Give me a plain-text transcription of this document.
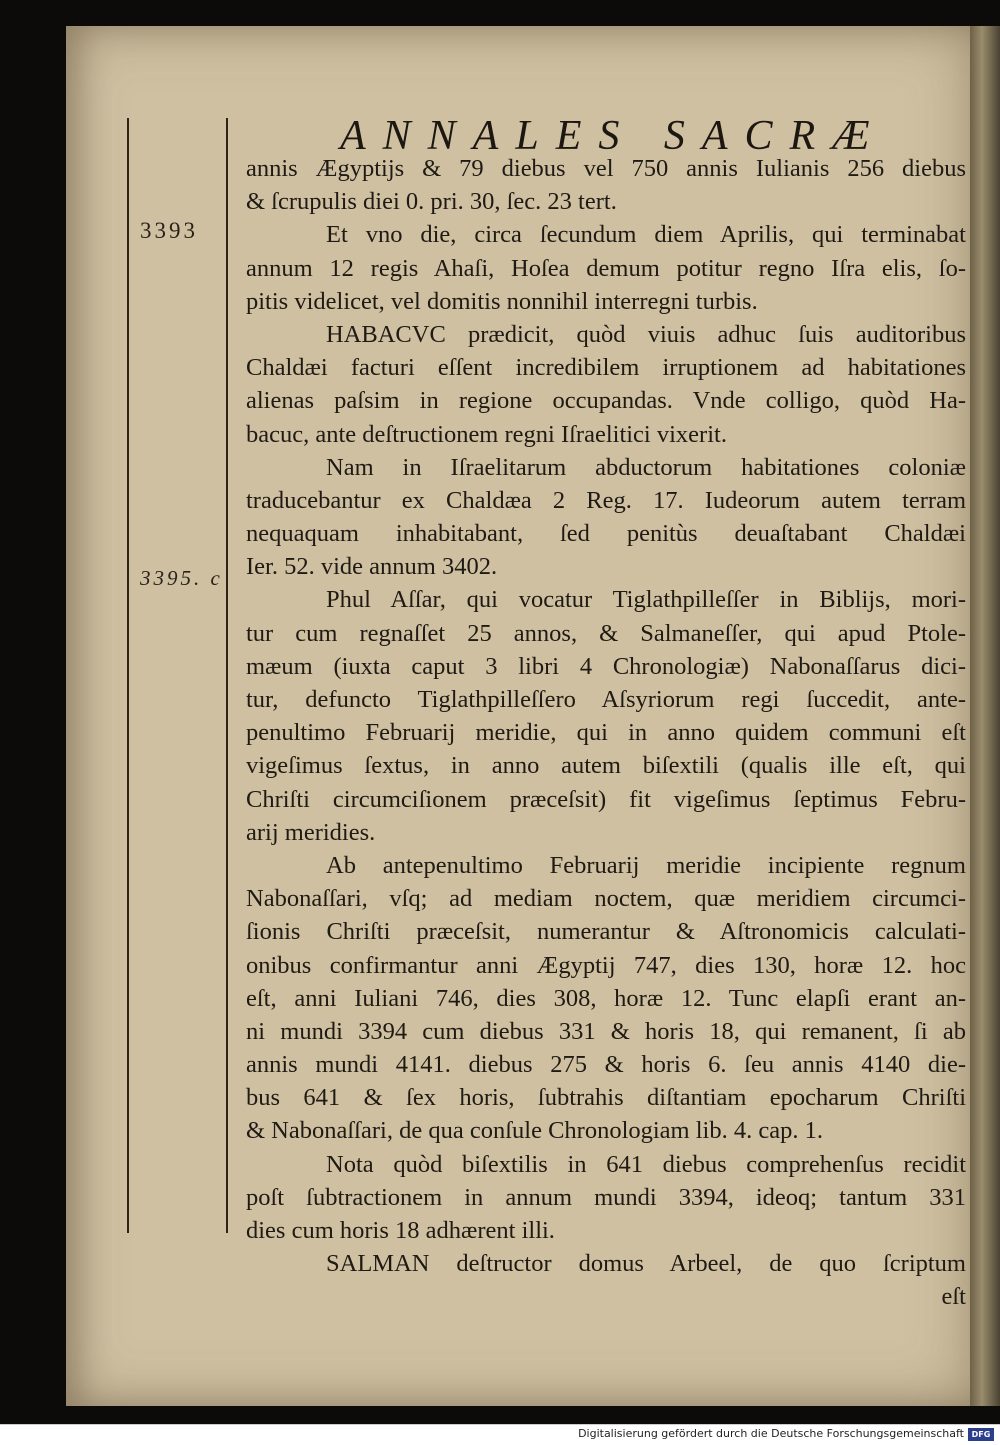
ANNALES SACRÆ
3393
3395. c
annis Ægyptijs & 79 diebus vel 750 annis Iulianis 256 diebus
& ſcrupulis diei 0. pri. 30, ſec. 23 tert.
Et vno die, circa ſecundum diem Aprilis, qui terminabat
annum 12 regis Ahaſi, Hoſea demum potitur regno Iſra elis, ſo-
pitis videlicet, vel domitis nonnihil interregni turbis.
HABACVC prædicit, quòd viuis adhuc ſuis auditoribus
Chaldæi facturi eſſent incredibilem irruptionem ad habitationes
alienas paſsim in regione occupandas. Vnde colligo, quòd Ha-
bacuc, ante deſtructionem regni Iſraelitici vixerit.
Nam in Iſraelitarum abductorum habitationes coloniæ
traducebantur ex Chaldæa 2 Reg. 17. Iudeorum autem terram
nequaquam inhabitabant, ſed penitùs deuaſtabant Chaldæi
Ier. 52. vide annum 3402.
Phul Aſſar, qui vocatur Tiglathpilleſſer in Biblijs, mori-
tur cum regnaſſet 25 annos, & Salmaneſſer, qui apud Ptole-
mæum (iuxta caput 3 libri 4 Chronologiæ) Nabonaſſarus dici-
tur, defuncto Tiglathpilleſſero Aſsyriorum regi ſuccedit, ante-
penultimo Februarij meridie, qui in anno quidem communi eſt
vigeſimus ſextus, in anno autem biſextili (qualis ille eſt, qui
Chriſti circumciſionem præceſsit) fit vigeſimus ſeptimus Febru-
arij meridies.
Ab antepenultimo Februarij meridie incipiente regnum
Nabonaſſari, vſq; ad mediam noctem, quæ meridiem circumci-
ſionis Chriſti præceſsit, numerantur & Aſtronomicis calculati-
onibus confirmantur anni Ægyptij 747, dies 130, horæ 12. hoc
eſt, anni Iuliani 746, dies 308, horæ 12. Tunc elapſi erant an-
ni mundi 3394 cum diebus 331 & horis 18, qui remanent, ſi ab
annis mundi 4141. diebus 275 & horis 6. ſeu annis 4140 die-
bus 641 & ſex horis, ſubtrahis diſtantiam epocharum Chriſti
& Nabonaſſari, de qua conſule Chronologiam lib. 4. cap. 1.
Nota quòd biſextilis in 641 diebus comprehenſus recidit
poſt ſubtractionem in annum mundi 3394, ideoq; tantum 331
dies cum horis 18 adhærent illi.
SALMAN deſtructor domus Arbeel, de quo ſcriptum
eſt
Digitalisierung gefördert durch die Deutsche Forschungsgemeinschaft DFG
